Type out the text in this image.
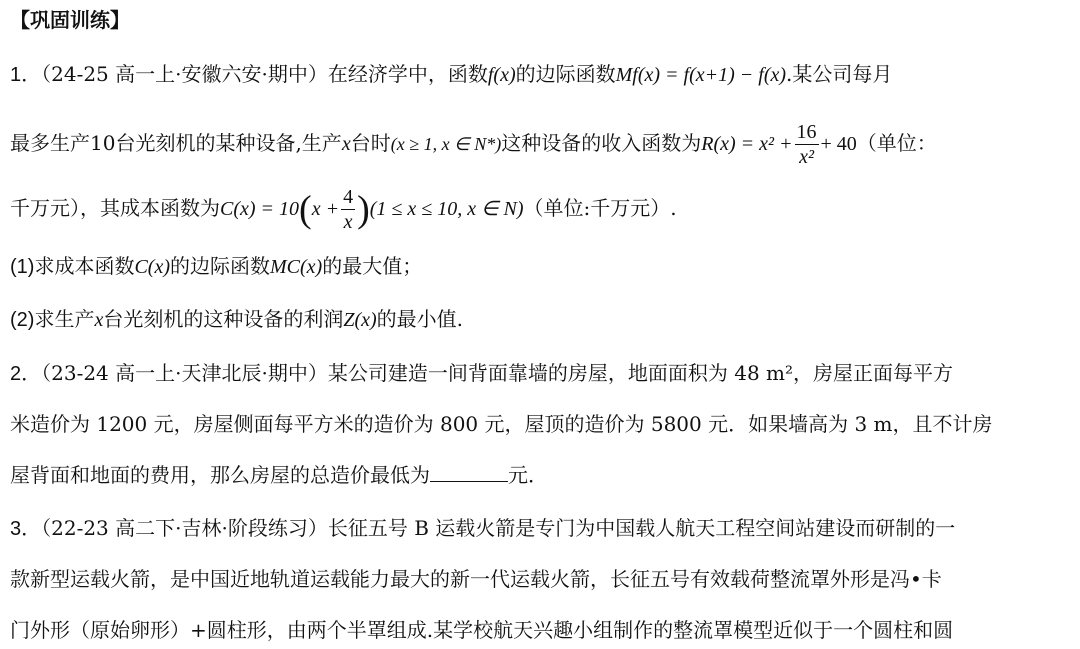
【巩固训练】
1．（24-25 高一上·安徽六安·期中）在经济学中，函数f(x)的边际函数Mf(x) = f(x+1) − f(x).某公司每月
最多生产10台光刻机的某种设备,生产x台时(x ≥ 1, x ∈ N*)这种设备的收入函数为$R(x) = x^2 + \frac{16}{\text{x²}} + 40$（单位：
千万元），其成本函数为$C(x) = 10(x + \frac{4}{x} )(1 \le x \le 10$, x ∈ N)（单位:千万元）.
(1)求成本函数C(x)的边际函数MC(x)的最大值；
(2)求生产x台光刻机的这种设备的利润Z(x)的最小值.
2．（23-24 高一上·天津北辰·期中）某公司建造一间背面靠墙的房屋，地面面积为 48 m²，房屋正面每平方
米造价为 1200 元，房屋侧面每平方米的造价为 800 元，屋顶的造价为 5800 元．如果墙高为 3 m，且不计房
屋背面和地面的费用，那么房屋的总造价最低为	元．
3．（22-23 高二下·吉林·阶段练习）长征五号 B 运载火箭是专门为中国载人航天工程空间站建设而研制的一
款新型运载火箭，是中国近地轨道运载能力最大的新一代运载火箭，长征五号有效载荷整流罩外形是冯•卡
门外形（原始卵形）+圆柱形，由两个半罩组成.某学校航天兴趣小组制作的整流罩模型近似于一个圆柱和圆
